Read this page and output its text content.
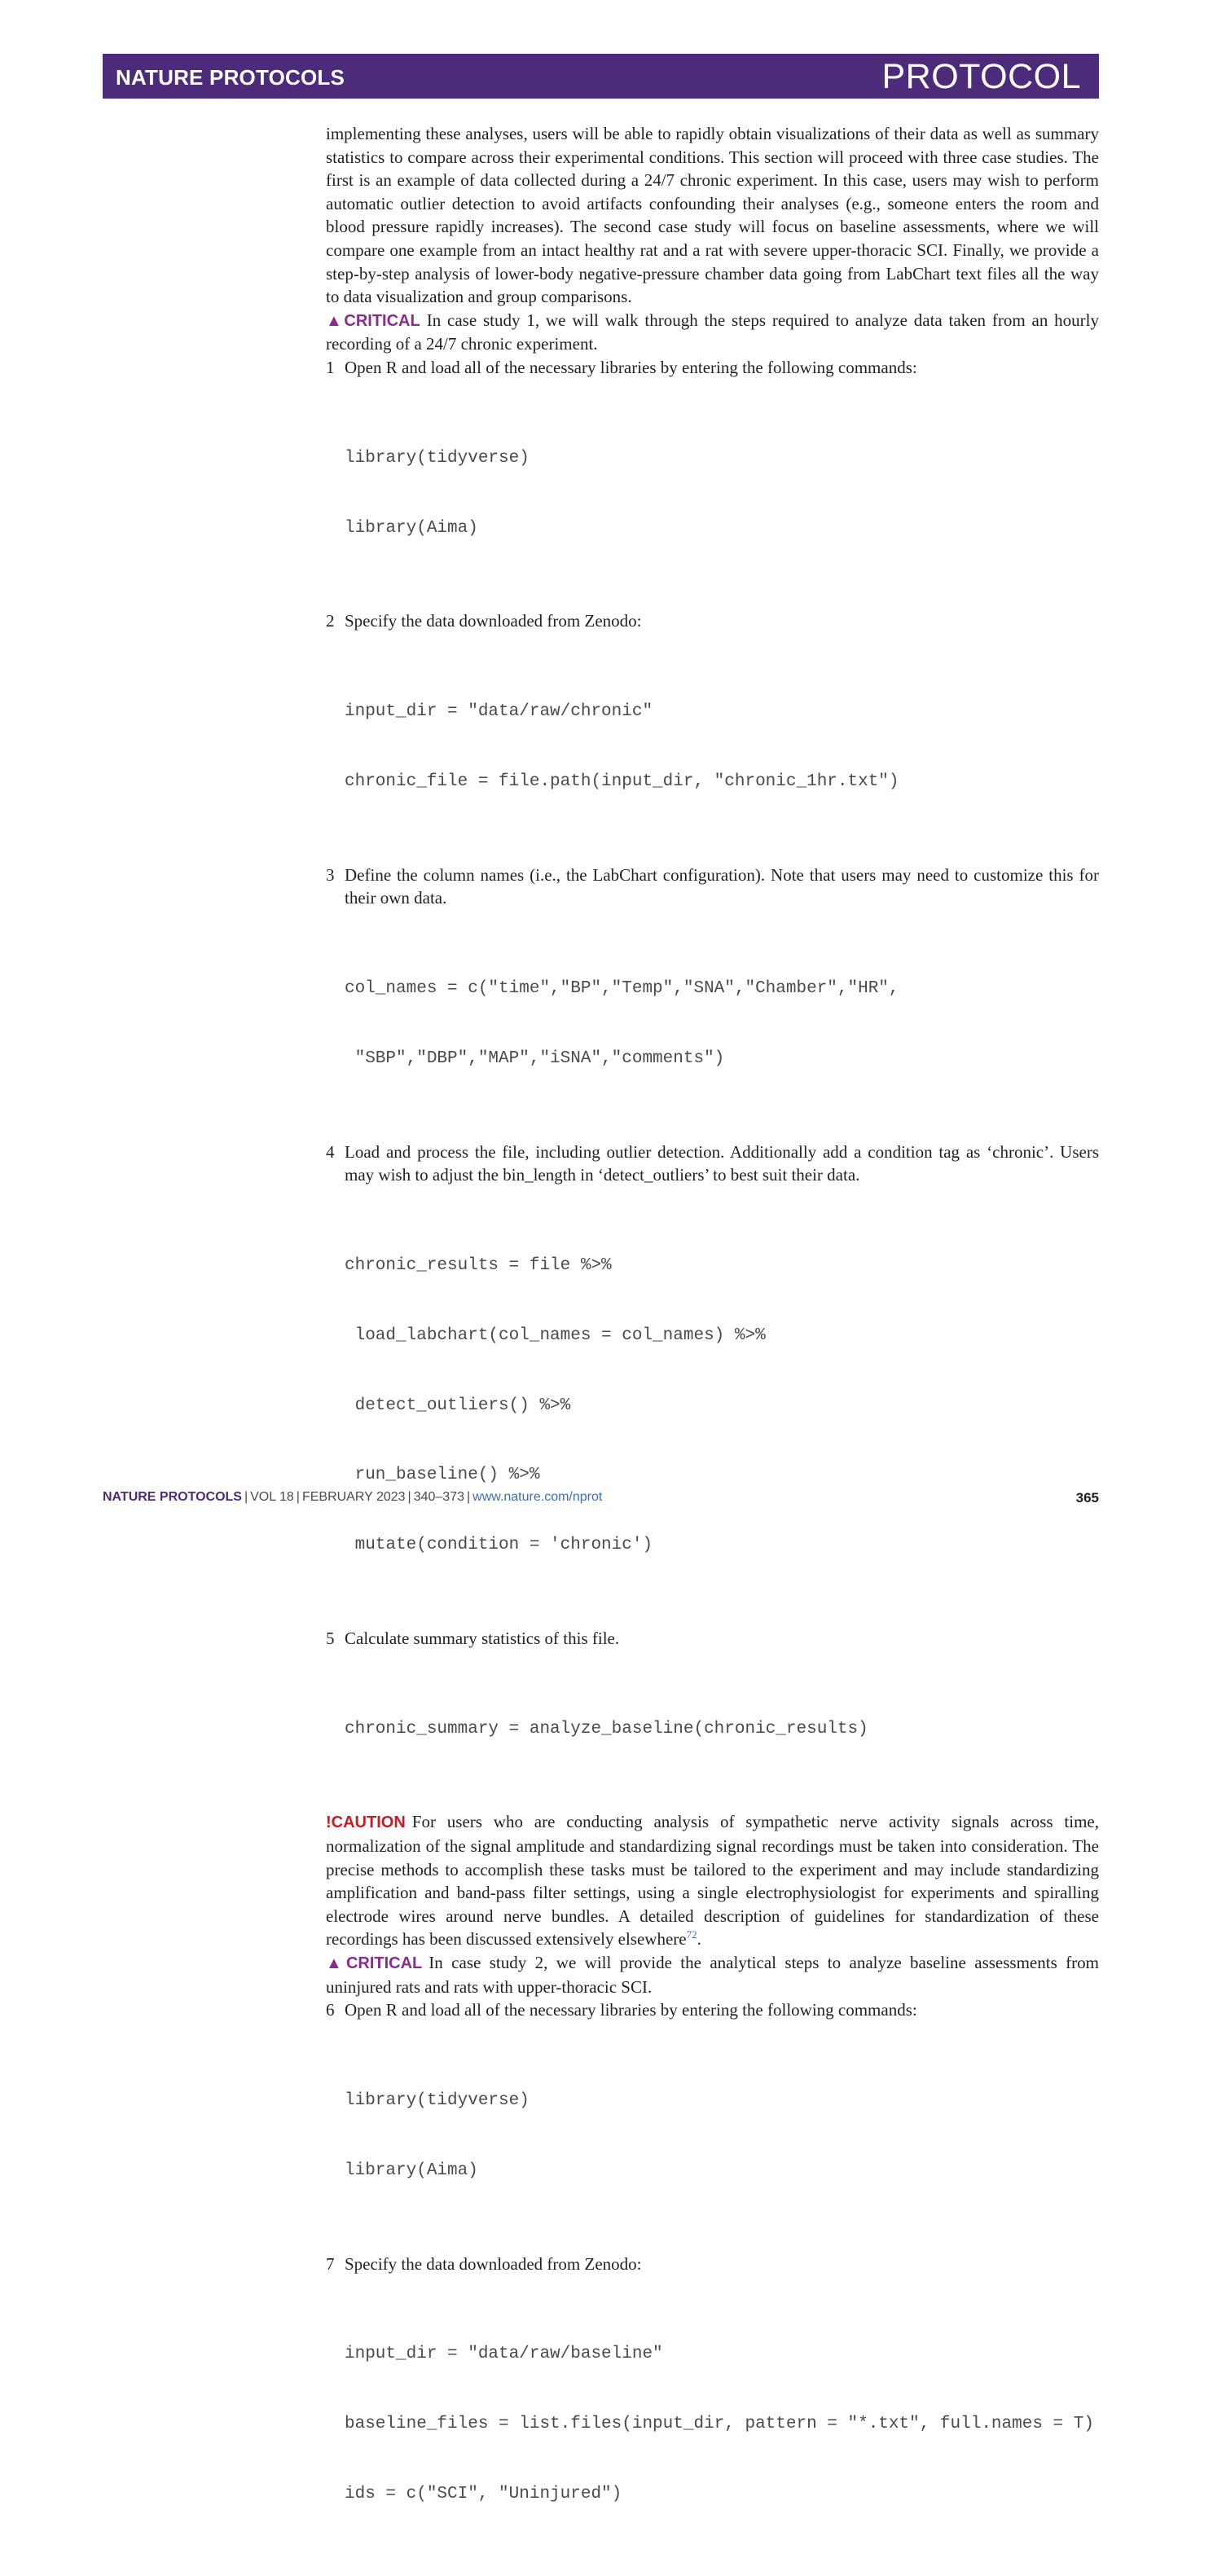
NATURE PROTOCOLS	PROTOCOL

implementing these analyses, users will be able to rapidly obtain visualizations of their data as well as summary statistics to compare across their experimental conditions. This section will proceed with three case studies. The first is an example of data collected during a 24/7 chronic experiment. In this case, users may wish to perform automatic outlier detection to avoid artifacts confounding their analyses (e.g., someone enters the room and blood pressure rapidly increases). The second case study will focus on baseline assessments, where we will compare one example from an intact healthy rat and a rat with severe upper-thoracic SCI. Finally, we provide a step-by-step analysis of lower-body negative-pressure chamber data going from LabChart text files all the way to data visualization and group comparisons.

▲CRITICAL In case study 1, we will walk through the steps required to analyze data taken from an hourly recording of a 24/7 chronic experiment.

1 Open R and load all of the necessary libraries by entering the following commands:

library(tidyverse)

library(Aima)

2 Specify the data downloaded from Zenodo:

input_dir = "data/raw/chronic"

chronic_file = file.path(input_dir, "chronic_1hr.txt")

3 Define the column names (i.e., the LabChart configuration). Note that users may need to customize this for their own data.

col_names = c("time","BP","Temp","SNA","Chamber","HR",

"SBP","DBP","MAP","iSNA","comments")

4 Load and process the file, including outlier detection. Additionally add a condition tag as ‘chronic’. Users may wish to adjust the bin_length in ‘detect_outliers’ to best suit their data.

chronic_results = file %>%

load_labchart(col_names = col_names) %>%

detect_outliers() %>%

run_baseline() %>%

mutate(condition = 'chronic')

5 Calculate summary statistics of this file.

chronic_summary = analyze_baseline(chronic_results)

!CAUTION For users who are conducting analysis of sympathetic nerve activity signals across time, normalization of the signal amplitude and standardizing signal recordings must be taken into consideration. The precise methods to accomplish these tasks must be tailored to the experiment and may include standardizing amplification and band-pass filter settings, using a single electrophysiologist for experiments and spiralling electrode wires around nerve bundles. A detailed description of guidelines for standardization of these recordings has been discussed extensively elsewhere$^{72}$.

▲CRITICAL In case study 2, we will provide the analytical steps to analyze baseline assessments from uninjured rats and rats with upper-thoracic SCI.

6 Open R and load all of the necessary libraries by entering the following commands:

library(tidyverse)

library(Aima)

7 Specify the data downloaded from Zenodo:

input_dir = "data/raw/baseline"

baseline_files = list.files(input_dir, pattern = "*.txt", full.names = T)

ids = c("SCI", "Uninjured")

NATURE PROTOCOLS | VOL 18 | FEBRUARY 2023 | 340–373 | www.nature.com/nprot	365
